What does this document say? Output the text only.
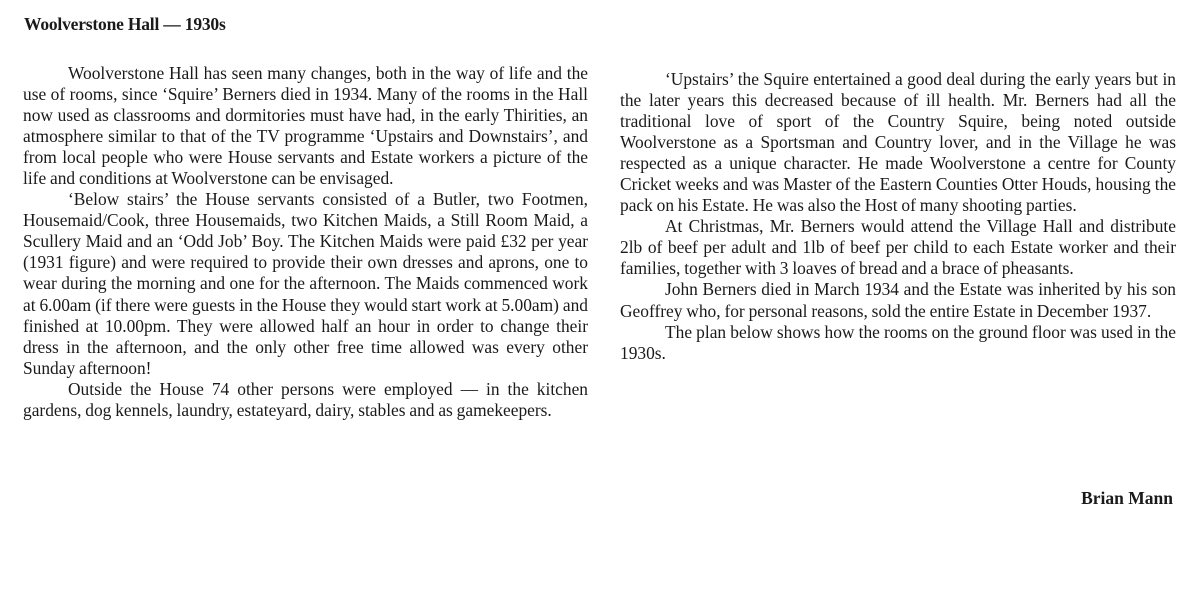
Woolverstone Hall — 1930s

Woolverstone Hall has seen many changes, both in the way of life and the use of rooms, since ‘Squire’ Berners died in 1934. Many of the rooms in the Hall now used as classrooms and dormitories must have had, in the early Thirities, an atmosphere similar to that of the TV programme ‘Upstairs and Downstairs’, and from local people who were House servants and Estate workers a picture of the life and conditions at Woolverstone can be envisaged.

‘Below stairs’ the House servants consisted of a Butler, two Footmen, Housemaid/Cook, three Housemaids, two Kitchen Maids, a Still Room Maid, a Scullery Maid and an ‘Odd Job’ Boy. The Kitchen Maids were paid £32 per year (1931 figure) and were required to provide their own dresses and aprons, one to wear during the morning and one for the afternoon. The Maids commenced work at 6.00am (if there were guests in the House they would start work at 5.00am) and finished at 10.00pm. They were allowed half an hour in order to change their dress in the afternoon, and the only other free time allowed was every other Sunday afternoon!

Outside the House 74 other persons were employed — in the kitchen gardens, dog kennels, laundry, estateyard, dairy, stables and as gamekeepers.

‘Upstairs’ the Squire entertained a good deal during the early years but in the later years this decreased because of ill health. Mr. Berners had all the traditional love of sport of the Country Squire, being noted outside Woolverstone as a Sportsman and Country lover, and in the Village he was respected as a unique character. He made Woolverstone a centre for County Cricket weeks and was Master of the Eastern Counties Otter Houds, housing the pack on his Estate. He was also the Host of many shooting parties.

At Christmas, Mr. Berners would attend the Village Hall and distribute 2lb of beef per adult and 1lb of beef per child to each Estate worker and their families, together with 3 loaves of bread and a brace of pheasants.

John Berners died in March 1934 and the Estate was inherited by his son Geoffrey who, for personal reasons, sold the entire Estate in December 1937.

The plan below shows how the rooms on the ground floor was used in the 1930s.

Brian Mann
